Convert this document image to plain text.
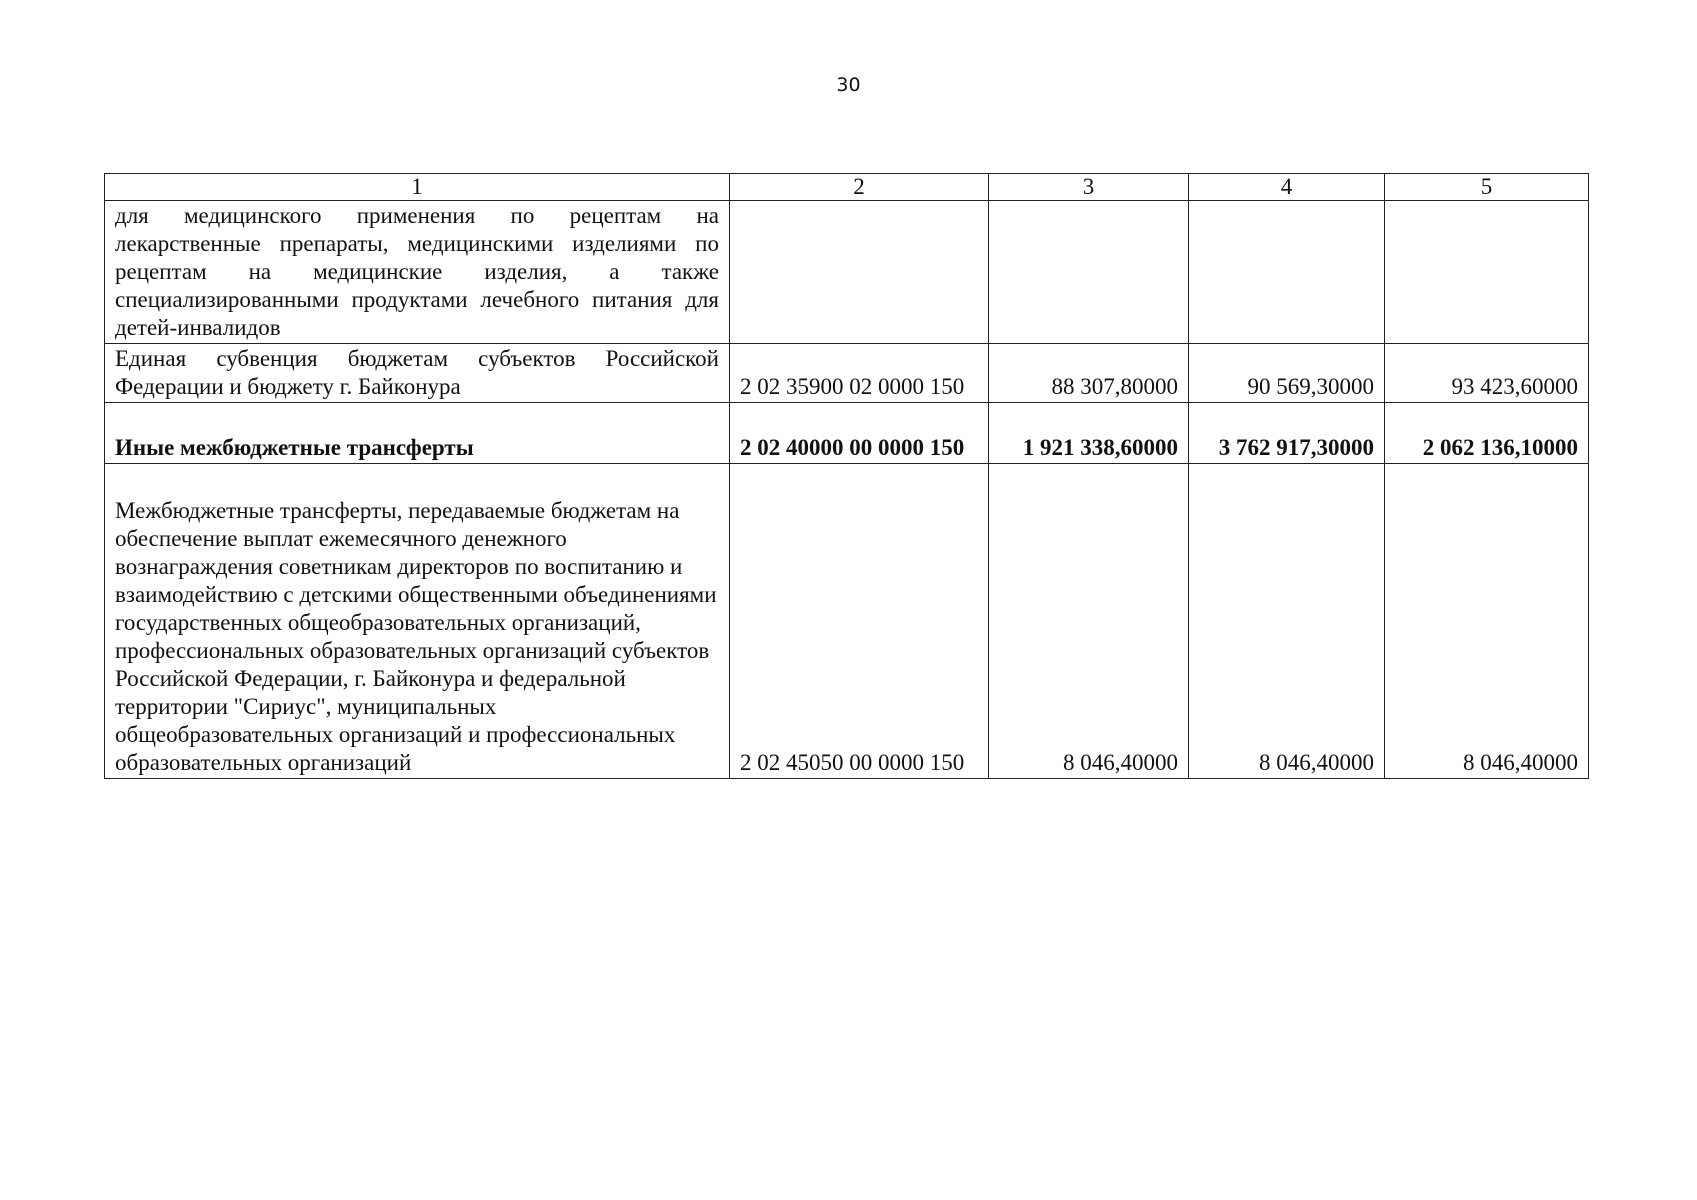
30
1	2	3	4	5
для медицинского применения по рецептам на лекарственные препараты, медицинскими изделиями по рецептам на медицинские изделия, а также специализированными продуктами лечебного питания для детей-инвалидов				
Единая субвенция бюджетам субъектов Российской Федерации и бюджету г. Байконура	2 02 35900 02 0000 150	88 307,80000	90 569,30000	93 423,60000
Иные межбюджетные трансферты	2 02 40000 00 0000 150	1 921 338,60000	3 762 917,30000	2 062 136,10000
Межбюджетные трансферты, передаваемые бюджетам на обеспечение выплат ежемесячного денежного вознаграждения советникам директоров по воспитанию и взаимодействию с детскими общественными объединениями государственных общеобразовательных организаций, профессиональных образовательных организаций субъектов Российской Федерации, г. Байконура и федеральной территории "Сириус", муниципальных общеобразовательных организаций и профессиональных образовательных организаций	2 02 45050 00 0000 150	8 046,40000	8 046,40000	8 046,40000
